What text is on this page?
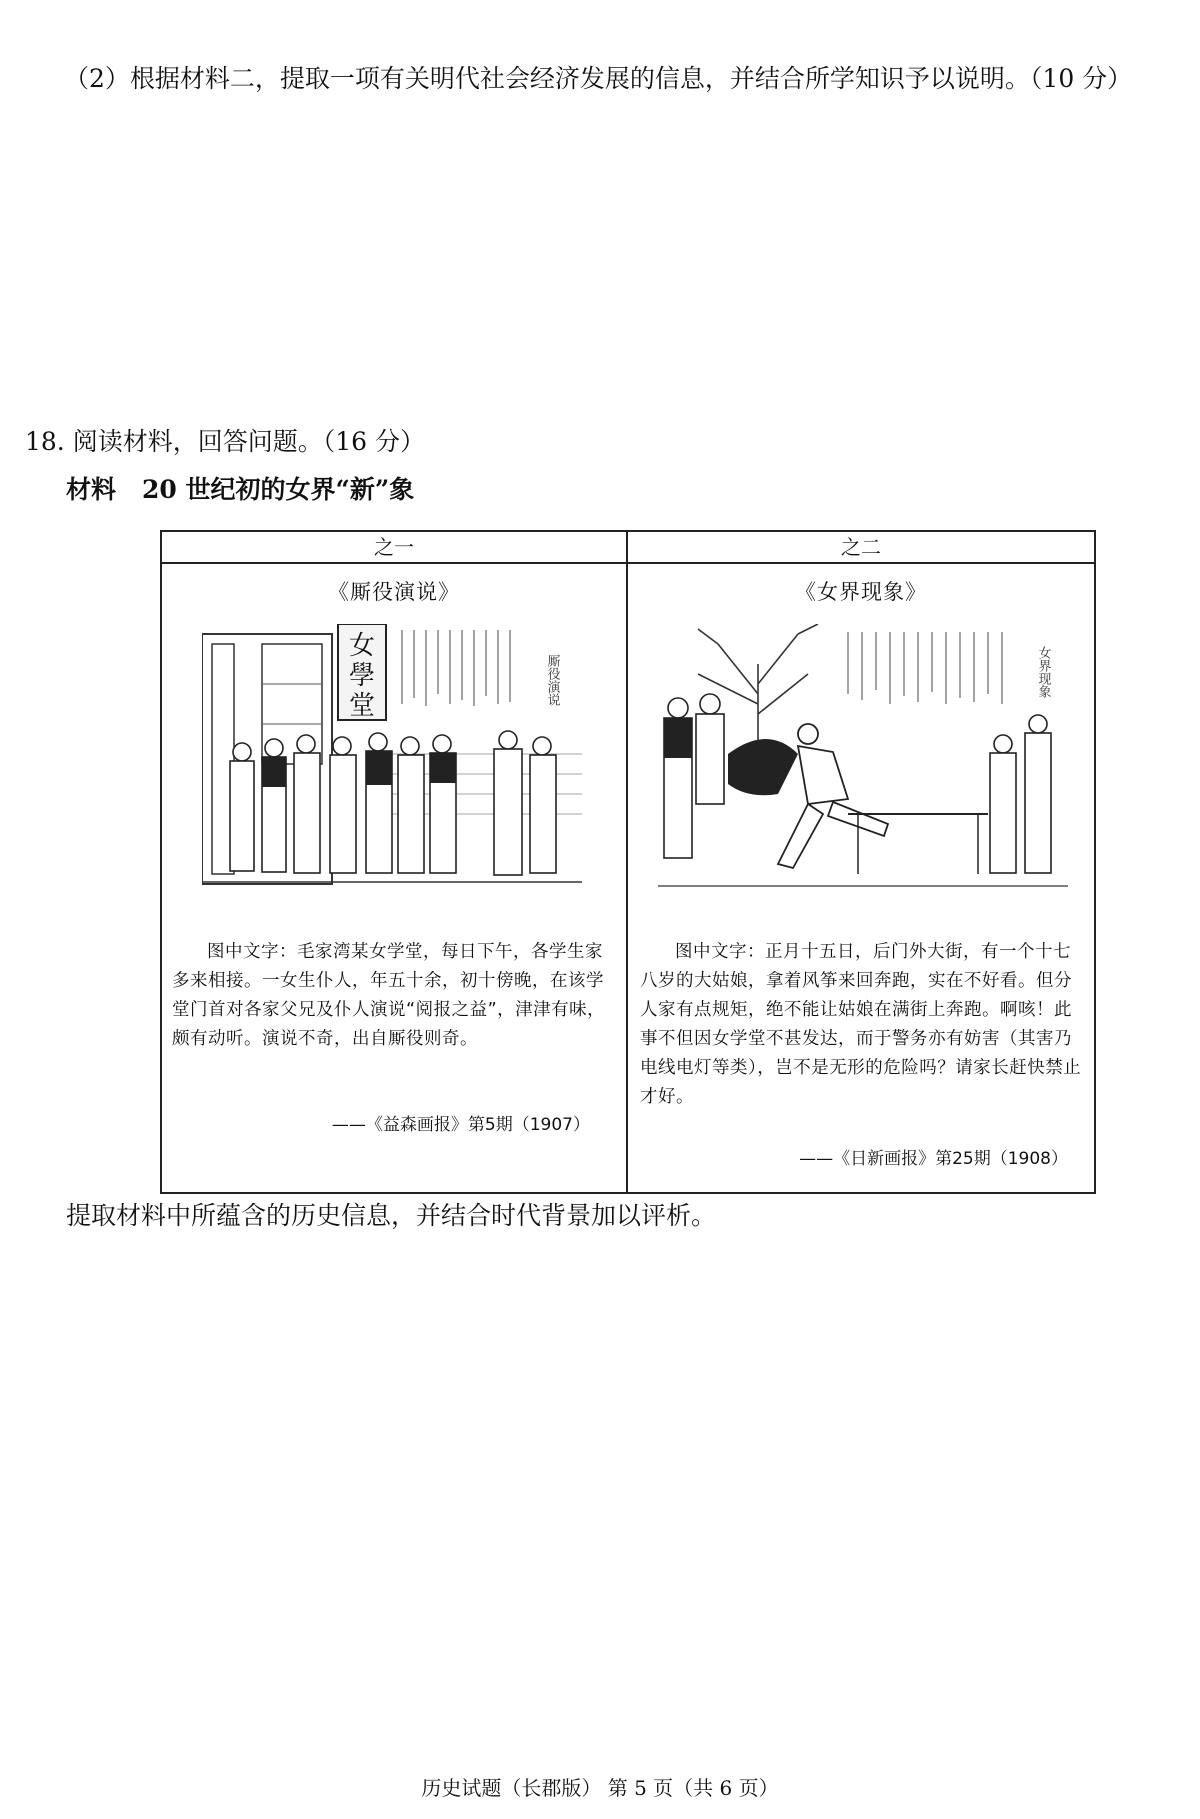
（2）根据材料二，提取一项有关明代社会经济发展的信息，并结合所学知识予以说明。（10 分）
18. 阅读材料，回答问题。（16 分）
材料 20 世纪初的女界“新”象
之一
《厮役演说》
女
學
堂	厮役演说
图中文字：毛家湾某女学堂，每日下午，各学生家多来相接。一女生仆人，年五十余，初十傍晚，在该学堂门首对各家父兄及仆人演说“阅报之益”，津津有味，颇有动听。演说不奇，出自厮役则奇。
——《益森画报》第5期（1907）
之二
《女界现象》
女界现象
图中文字：正月十五日，后门外大街，有一个十七八岁的大姑娘，拿着风筝来回奔跑，实在不好看。但分人家有点规矩，绝不能让姑娘在满街上奔跑。啊咳！此事不但因女学堂不甚发达，而于警务亦有妨害（其害乃电线电灯等类），岂不是无形的危险吗？请家长赶快禁止才好。
——《日新画报》第25期（1908）
提取材料中所蕴含的历史信息，并结合时代背景加以评析。
历史试题（长郡版） 第 5 页（共 6 页）
